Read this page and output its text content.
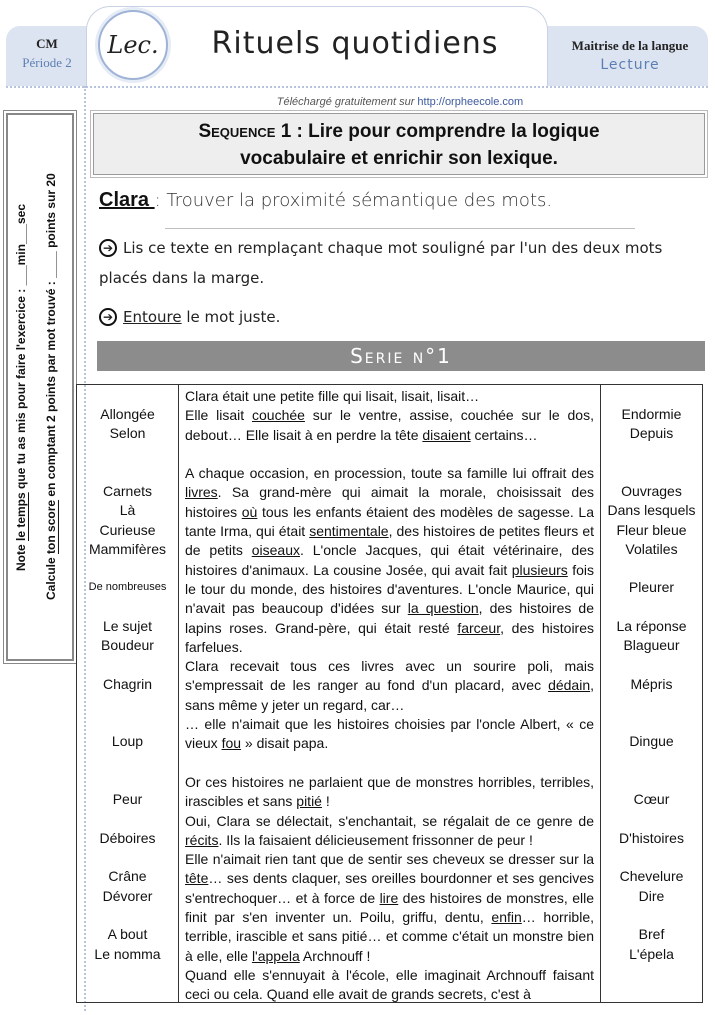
CM
Période 2
Lec.	Rituels quotidiens	Maitrise de la langue
Lecture
Téléchargé gratuitement sur http://orpheecole.com
Note le temps que tu as mis pour faire l'exercice : ___min___sec
Calcule ton score en comptant 2 points par mot trouvé : ____ points sur 20
Sequence 1 : Lire pour comprendre la logique
vocabulaire et enrichir son lexique.
Clara : Trouver la proximité sémantique des mots.
➔ Lis ce texte en remplaçant chaque mot souligné par l'un des deux mots placés dans la marge.
➔ Entoure le mot juste.
Serie n°1
Allongée
Selon
Carnets
Là
Curieuse
Mammifères
De nombreuses
Le sujet
Boudeur
Chagrin
Loup
Peur
Déboires
Crâne
Dévorer
A bout
Le nomma

Clara était une petite fille qui lisait, lisait, lisait…

Elle lisait couchée sur le ventre, assise, couchée sur le dos, debout… Elle lisait à en perdre la tête disaient certains…

A chaque occasion, en procession, toute sa famille lui offrait des livres. Sa grand-mère qui aimait la morale, choisissait des histoires où tous les enfants étaient des modèles de sagesse. La tante Irma, qui était sentimentale, des histoires de petites fleurs et de petits oiseaux. L'oncle Jacques, qui était vétérinaire, des histoires d'animaux. La cousine Josée, qui avait fait plusieurs fois le tour du monde, des histoires d'aventures. L'oncle Maurice, qui n'avait pas beaucoup d'idées sur la question, des histoires de lapins roses. Grand-père, qui était resté farceur, des histoires farfelues.

Clara recevait tous ces livres avec un sourire poli, mais s'empressait de les ranger au fond d'un placard, avec dédain, sans même y jeter un regard, car…

… elle n'aimait que les histoires choisies par l'oncle Albert, « ce vieux fou » disait papa.

Or ces histoires ne parlaient que de monstres horribles, terribles, irascibles et sans pitié !

Oui, Clara se délectait, s'enchantait, se régalait de ce genre de récits. Ils la faisaient délicieusement frissonner de peur !

Elle n'aimait rien tant que de sentir ses cheveux se dresser sur la tête… ses dents claquer, ses oreilles bourdonner et ses gencives s'entrechoquer… et à force de lire des histoires de monstres, elle finit par s'en inventer un. Poilu, griffu, dentu, enfin… horrible, terrible, irascible et sans pitié… et comme c'était un monstre bien à elle, elle l'appela Archnouff !

Quand elle s'ennuyait à l'école, elle imaginait Archnouff faisant ceci ou cela. Quand elle avait de grands secrets, c'est à

Endormie
Depuis
Ouvrages
Dans lesquels
Fleur bleue
Volatiles
Pleurer
La réponse
Blagueur
Mépris
Dingue
Cœur
D'histoires
Chevelure
Dire
Bref
L'épela
